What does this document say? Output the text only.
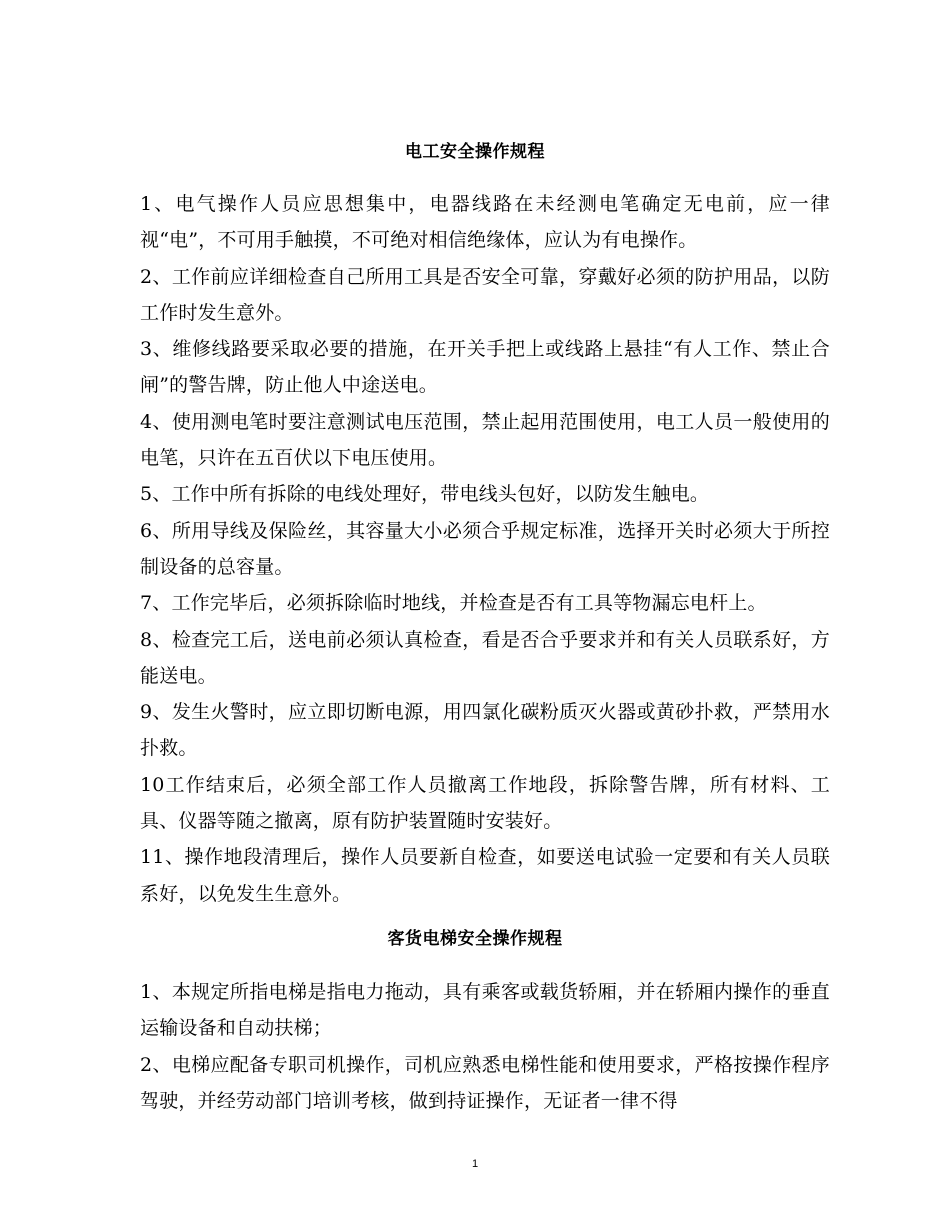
电工安全操作规程

1、电气操作人员应思想集中，电器线路在未经测电笔确定无电前，应一律视“电”，不可用手触摸，不可绝对相信绝缘体，应认为有电操作。

2、工作前应详细检查自己所用工具是否安全可靠，穿戴好必须的防护用品，以防工作时发生意外。

3、维修线路要采取必要的措施，在开关手把上或线路上悬挂“有人工作、禁止合闸”的警告牌，防止他人中途送电。

4、使用测电笔时要注意测试电压范围，禁止起用范围使用，电工人员一般使用的电笔，只许在五百伏以下电压使用。

5、工作中所有拆除的电线处理好，带电线头包好，以防发生触电。

6、所用导线及保险丝，其容量大小必须合乎规定标准，选择开关时必须大于所控制设备的总容量。

7、工作完毕后，必须拆除临时地线，并检查是否有工具等物漏忘电杆上。

8、检查完工后，送电前必须认真检查，看是否合乎要求并和有关人员联系好，方能送电。

9、发生火警时，应立即切断电源，用四氯化碳粉质灭火器或黄砂扑救，严禁用水扑救。

10工作结束后，必须全部工作人员撤离工作地段，拆除警告牌，所有材料、工具、仪器等随之撤离，原有防护装置随时安装好。

11、操作地段清理后，操作人员要新自检查，如要送电试验一定要和有关人员联系好，以免发生生意外。

客货电梯安全操作规程

1、本规定所指电梯是指电力拖动，具有乘客或载货轿厢，并在轿厢内操作的垂直运输设备和自动扶梯；

2、电梯应配备专职司机操作，司机应熟悉电梯性能和使用要求，严格按操作程序驾驶，并经劳动部门培训考核，做到持证操作，无证者一律不得

1
